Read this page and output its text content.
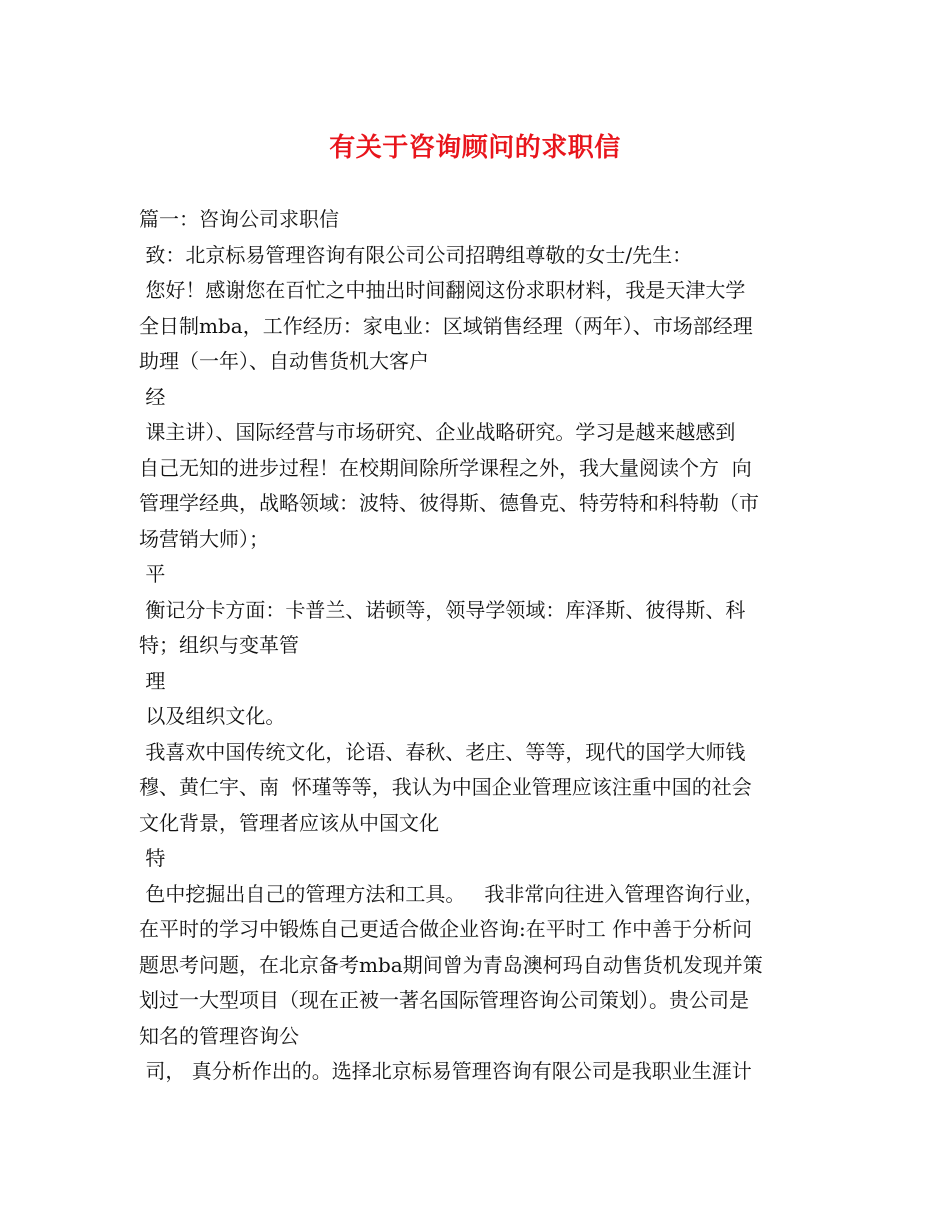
有关于咨询顾问的求职信
篇一：咨询公司求职信
致：北京标易管理咨询有限公司公司招聘组尊敬的女士/先生：
您好！感谢您在百忙之中抽出时间翻阅这份求职材料，我是天津大学
全日制mba，工作经历：家电业：区域销售经理（两年）、市场部经理
助理（一年）、自动售货机大客户
经
课主讲）、国际经营与市场研究、企业战略研究。学习是越来越感到
自己无知的进步过程！在校期间除所学课程之外，我大量阅读个方  向
管理学经典，战略领域：波特、彼得斯、德鲁克、特劳特和科特勒（市
场营销大师）；
平
衡记分卡方面：卡普兰、诺顿等，领导学领域：库泽斯、彼得斯、科
特；组织与变革管
理
以及组织文化。
我喜欢中国传统文化，论语、春秋、老庄、等等，现代的国学大师钱
穆、黄仁宇、南  怀瑾等等，我认为中国企业管理应该注重中国的社会
文化背景，管理者应该从中国文化
特
色中挖掘出自己的管理方法和工具。   我非常向往进入管理咨询行业，
在平时的学习中锻炼自己更适合做企业咨询:在平时工 作中善于分析问
题思考问题，在北京备考mba期间曾为青岛澳柯玛自动售货机发现并策
划过一大型项目（现在正被一著名国际管理咨询公司策划）。贵公司是
知名的管理咨询公
司， 真分析作出的。选择北京标易管理咨询有限公司是我职业生涯计
